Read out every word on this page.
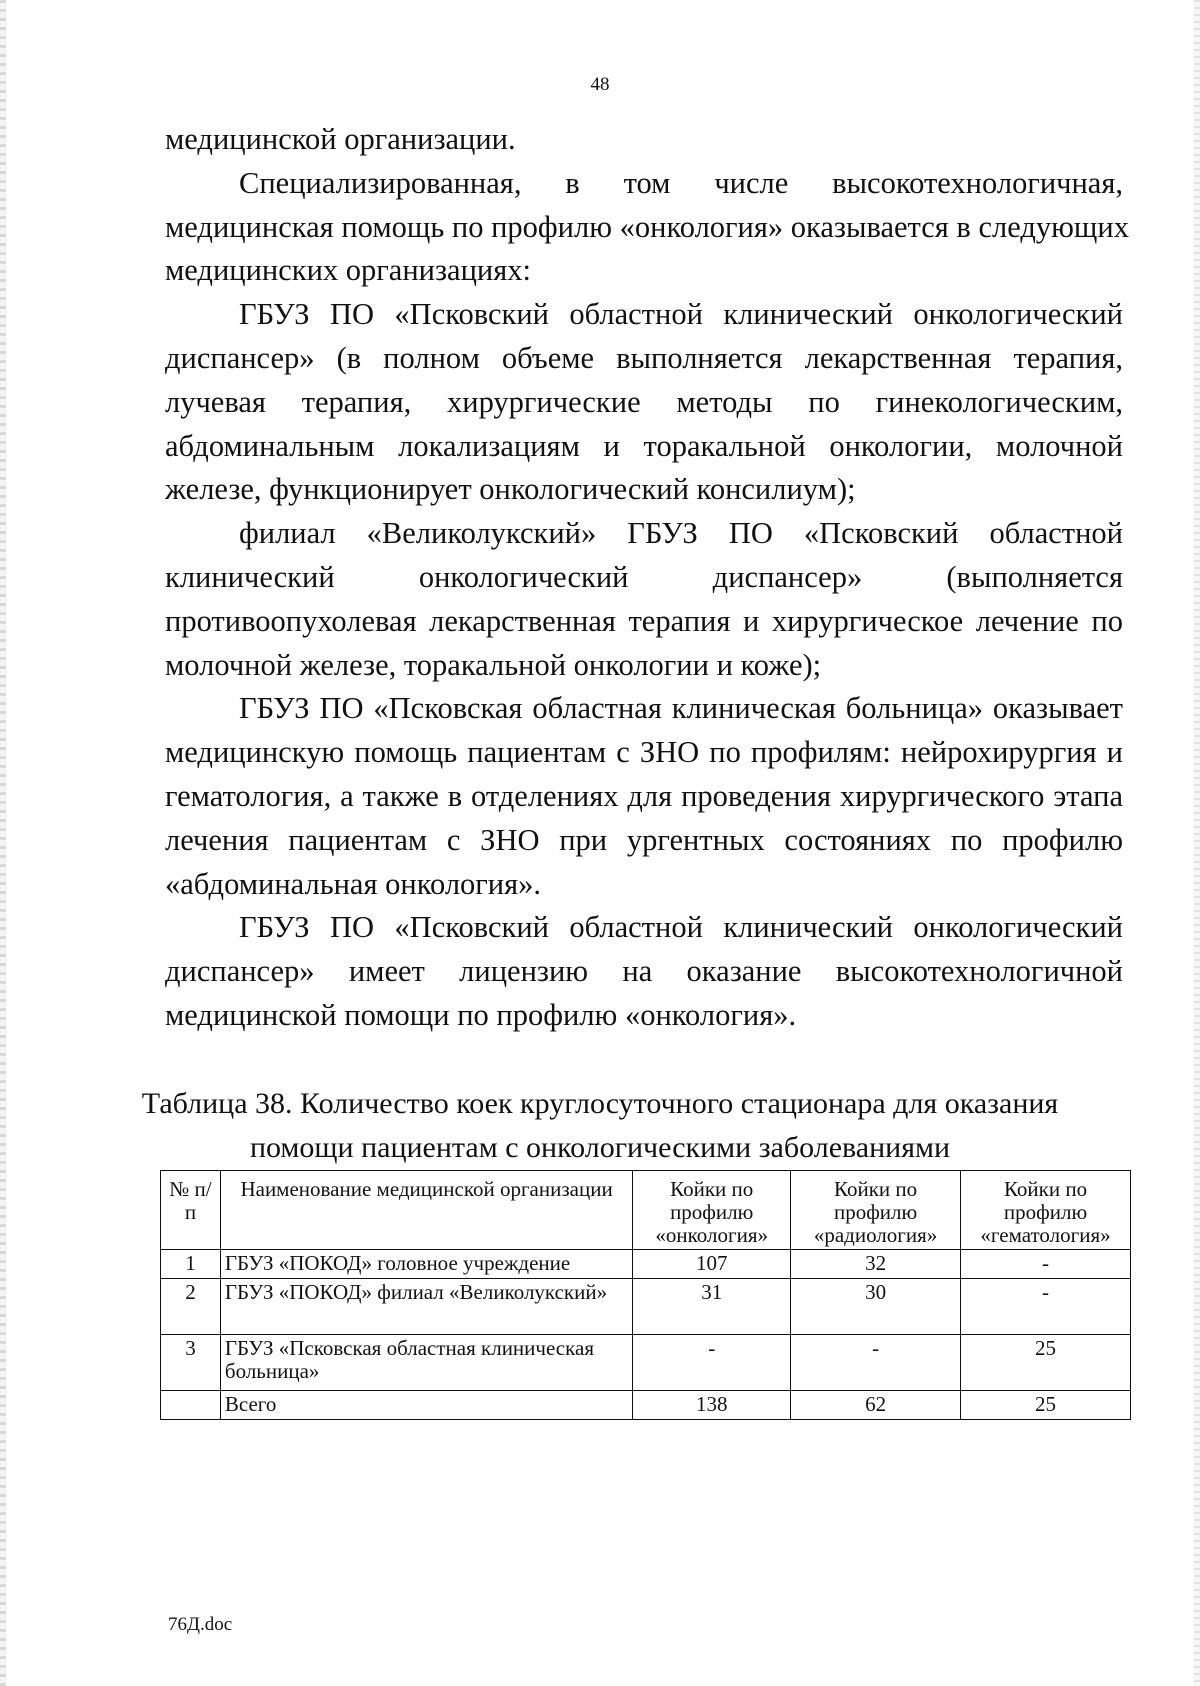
48
медицинской организации.
Специализированная, в том числе высокотехнологичная,
медицинская помощь по профилю «онкология» оказывается в следующих
медицинских организациях:
ГБУЗ ПО «Псковский областной клинический онкологический
диспансер» (в полном объеме выполняется лекарственная терапия,
лучевая терапия, хирургические методы по гинекологическим,
абдоминальным локализациям и торакальной онкологии, молочной
железе, функционирует онкологический консилиум);
филиал «Великолукский» ГБУЗ ПО «Псковский областной
клинический онкологический диспансер» (выполняется
противоопухолевая лекарственная терапия и хирургическое лечение по
молочной железе, торакальной онкологии и коже);
ГБУЗ ПО «Псковская областная клиническая больница» оказывает
медицинскую помощь пациентам с ЗНО по профилям: нейрохирургия и
гематология, а также в отделениях для проведения хирургического этапа
лечения пациентам с ЗНО при ургентных состояниях по профилю
«абдоминальная онкология».
ГБУЗ ПО «Псковский областной клинический онкологический
диспансер» имеет лицензию на оказание высокотехнологичной
медицинской помощи по профилю «онкология».
Таблица 38. Количество коек круглосуточного стационара для оказания
помощи пациентам с онкологическими заболеваниями
№ п/п	Наименование медицинской организации	Койки по профилю «онкология»	Койки по профилю «радиология»	Койки по профилю «гематология»
1	ГБУЗ «ПОКОД» головное учреждение	107	32	-
2	ГБУЗ «ПОКОД» филиал «Великолукский»	31	30	-
3	ГБУЗ «Псковская областная клиническая больница»	-	-	25
	Всего	138	62	25
76Д.doc
